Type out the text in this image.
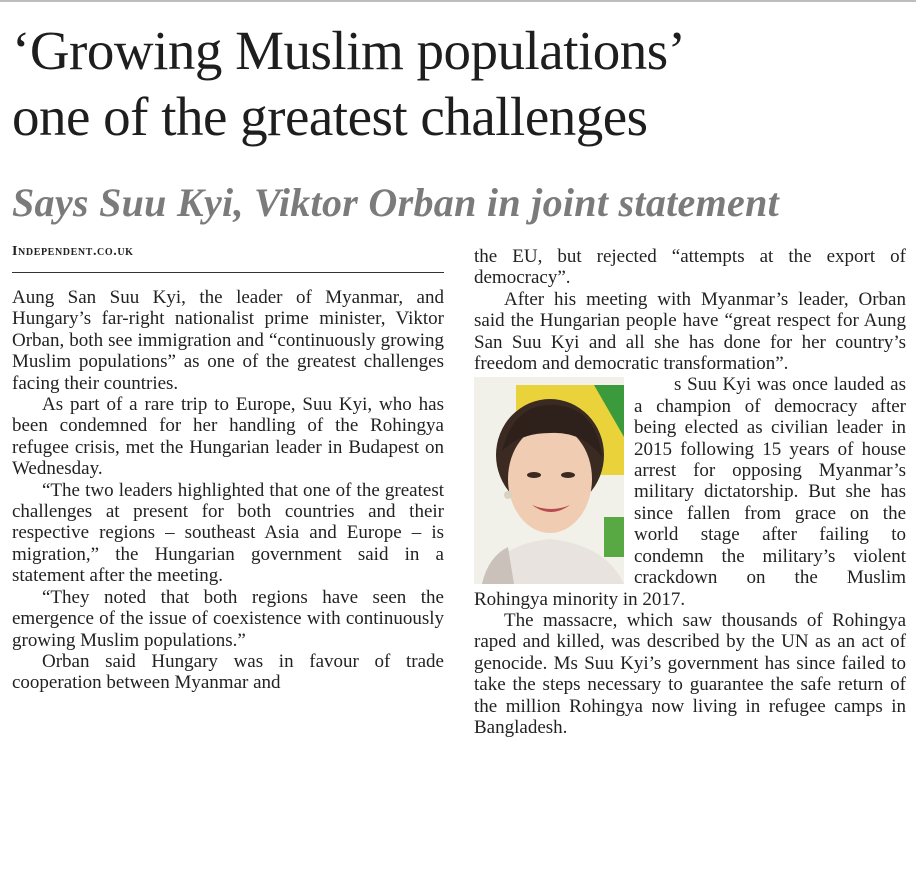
‘Growing Muslim populations’
one of the greatest challenges
Says Suu Kyi, Viktor Orban in joint statement
Independent.co.uk

Aung San Suu Kyi, the leader of Myanmar, and Hungary’s far-right nationalist prime minister, Viktor Orban, both see immigration and “continuously growing Muslim populations” as one of the greatest challenges facing their countries.

As part of a rare trip to Europe, Suu Kyi, who has been condemned for her handling of the Rohingya refugee crisis, met the Hungarian leader in Budapest on Wednesday.

“The two leaders highlighted that one of the greatest challenges at present for both countries and their respective regions – southeast Asia and Europe – is migration,” the Hungarian government said in a statement after the meeting.

“They noted that both regions have seen the emergence of the issue of coexistence with continuously growing Muslim populations.”

Orban said Hungary was in favour of trade cooperation between Myanmar and

the EU, but rejected “attempts at the export of democracy”.

After his meeting with Myanmar’s leader, Orban said the Hungarian people have “great respect for Aung San Suu Kyi and all she has done for her country’s freedom and democratic transformation”.

s Suu Kyi was once lauded as a champion of democracy after being elected as civilian leader in 2015 following 15 years of house arrest for opposing Myanmar’s military dictatorship. But she has since fallen from grace on the world stage after failing to condemn the military’s violent crackdown on the Muslim Rohingya minority in 2017.

The massacre, which saw thousands of Rohingya raped and killed, was described by the UN as an act of genocide. Ms Suu Kyi’s government has since failed to take the steps necessary to guarantee the safe return of the million Rohingya now living in refugee camps in Bangladesh.
